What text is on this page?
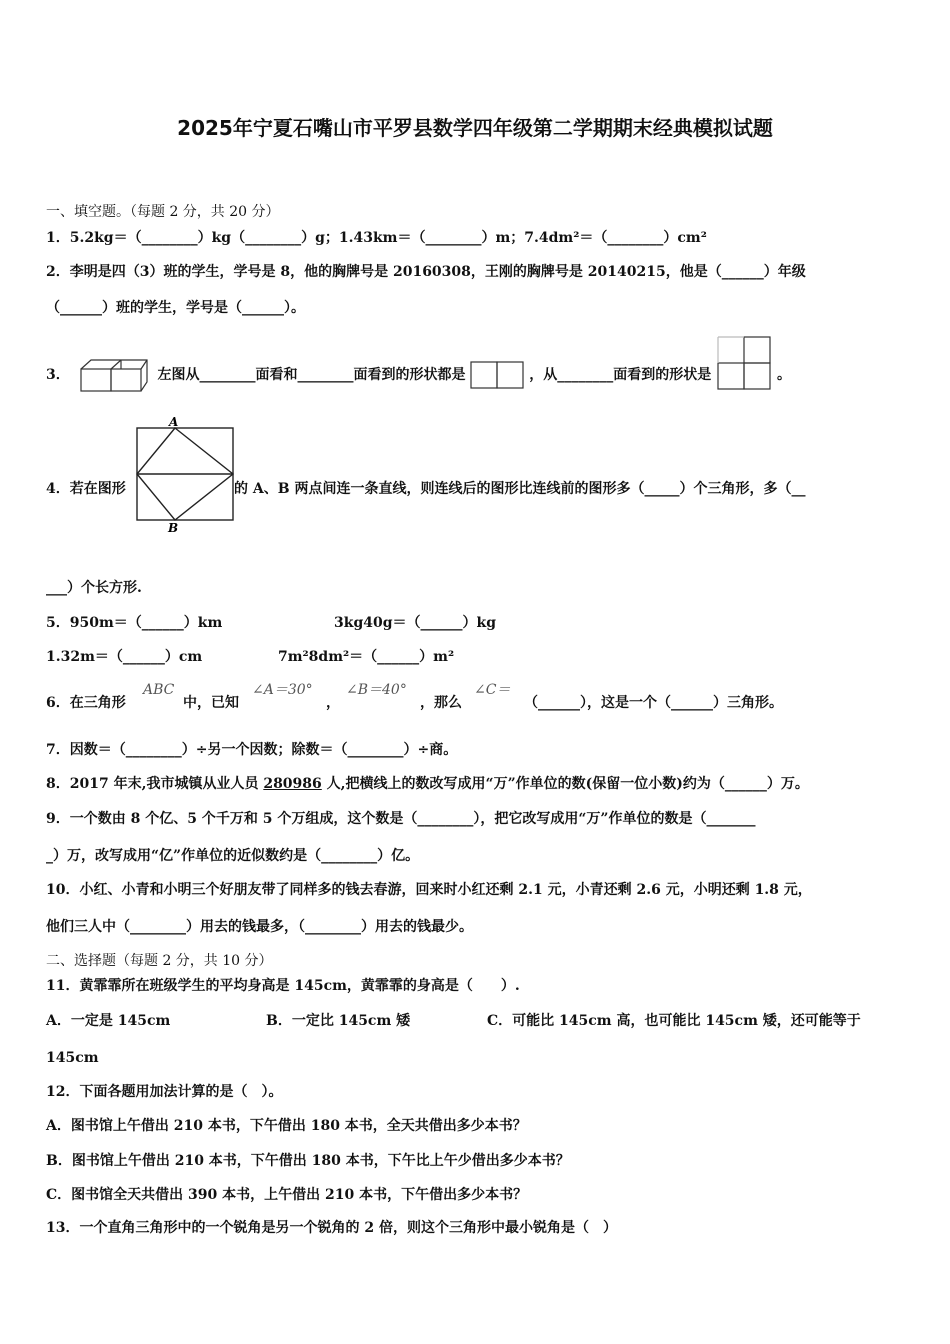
2025年宁夏石嘴山市平罗县数学四年级第二学期期末经典模拟试题
一、填空题。（每题 2 分，共 20 分）
1．5.2kg＝（________）kg（________）g；1.43km＝（________）m；7.4dm²＝（________）cm²
2．李明是四（3）班的学生，学号是 8，他的胸牌号是 20160308，王刚的胸牌号是 20140215，他是（______）年级
（______）班的学生，学号是（______）。
3．	左图从________面看和________面看到的形状都是	，从________面看到的形状是	。
A
B
4．若在图形	的 A、B 两点间连一条直线，则连线后的图形比连线前的图形多（_____）个三角形，多（__
___）个长方形.
5．950m＝（______）km	3kg40g＝（______）kg
1.32m＝（______）cm	7m²8dm²＝（______）m²
6．在三角形
ABC
中，已知
∠A＝30°
，
∠B＝40°
，那么
∠C＝
（______），这是一个（______）三角形。
7．因数＝（________）÷另一个因数；除数＝（________）÷商。
8．2017 年末,我市城镇从业人员 280986 人,把横线上的数改写成用“万”作单位的数(保留一位小数)约为（______）万。
9．一个数由 8 个亿、5 个千万和 5 个万组成，这个数是（________），把它改写成用“万”作单位的数是（_______
_）万，改写成用“亿”作单位的近似数约是（________）亿。
10．小红、小青和小明三个好朋友带了同样多的钱去春游，回来时小红还剩 2.1 元，小青还剩 2.6 元，小明还剩 1.8 元，
他们三人中（________）用去的钱最多，（________）用去的钱最少。
二、选择题（每题 2 分，共 10 分）
11．黄霏霏所在班级学生的平均身高是 145cm，黄霏霏的身高是（　　）.
A．一定是 145cm	B．一定比 145cm 矮	C．可能比 145cm 高，也可能比 145cm 矮，还可能等于
145cm
12．下面各题用加法计算的是（　）。
A．图书馆上午借出 210 本书，下午借出 180 本书，全天共借出多少本书？
B．图书馆上午借出 210 本书，下午借出 180 本书，下午比上午少借出多少本书？
C．图书馆全天共借出 390 本书，上午借出 210 本书，下午借出多少本书？
13．一个直角三角形中的一个锐角是另一个锐角的 2 倍，则这个三角形中最小锐角是（　）
